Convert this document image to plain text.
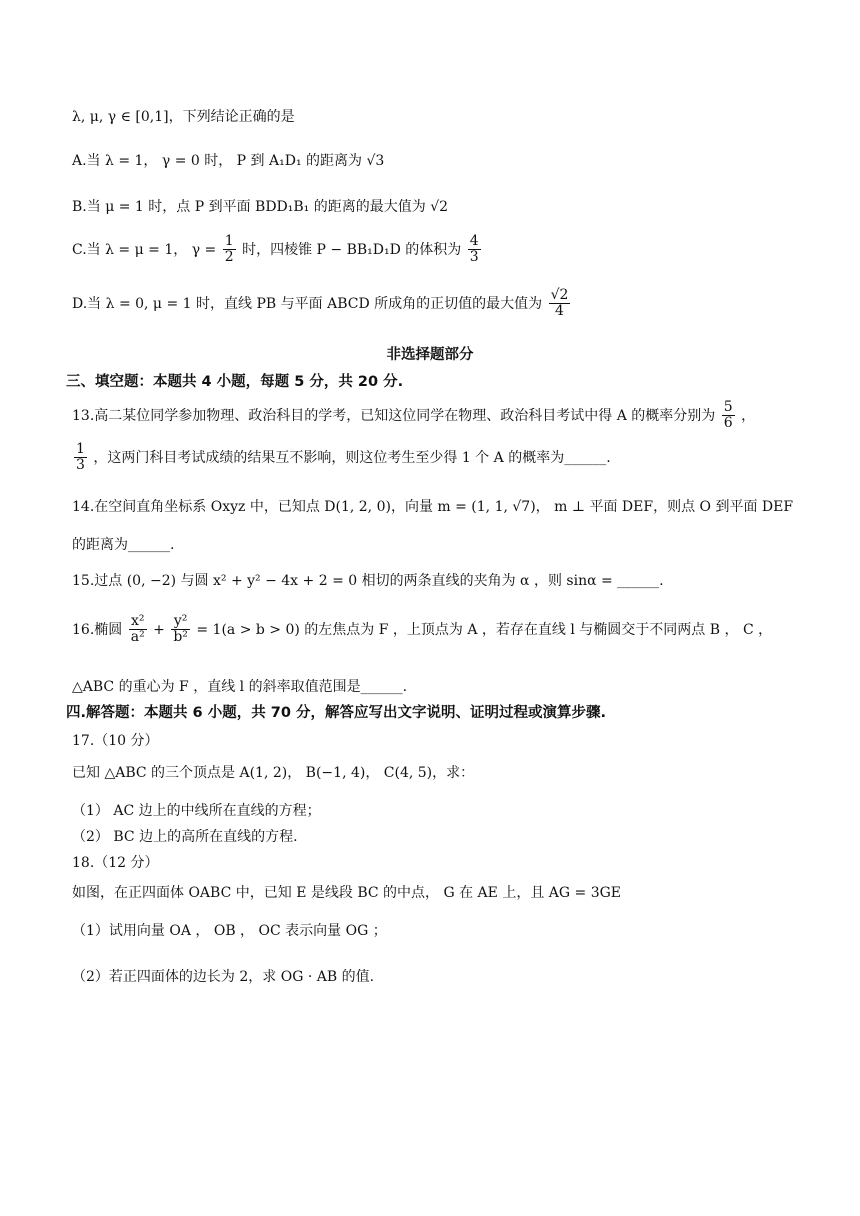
λ, μ, γ ∈ [0,1]，下列结论正确的是
A.当 λ = 1， γ = 0 时， P 到 A₁D₁ 的距离为 √3
B.当 μ = 1 时，点 P 到平面 BDD₁B₁ 的距离的最大值为 √2
C.当 λ = μ = 1， $\gamma = \frac{1}{2}$ 时，四棱锥 P − BB₁D₁D 的体积为 $\frac{4}{3}$
D.当 λ = 0, μ = 1 时，直线 PB 与平面 ABCD 所成角的正切值的最大值为 $\frac{√2}{4}$
非选择题部分
三、填空题：本题共 4 小题，每题 5 分，共 20 分.
13.高二某位同学参加物理、政治科目的学考，已知这位同学在物理、政治科目考试中得 A 的概率分别为 $\frac{5}{6}$ ，
$\frac{1}{3}$ ，这两门科目考试成绩的结果互不影响，则这位考生至少得 1 个 A 的概率为______.
14.在空间直角坐标系 Oxyz 中，已知点 D(1, 2, 0)，向量 m = (1, 1, √7)， m ⊥ 平面 DEF，则点 O 到平面 DEF
的距离为______.
15.过点 (0, −2) 与圆 x² + y² − 4x + 2 = 0 相切的两条直线的夹角为 α ，则 sinα = ______.
16.椭圆 $\frac{\text{x²}}{\text{a²}} + \frac{\text{y²}}{\text{b²}} = 1(a > b > 0)$ 的左焦点为 F ，上顶点为 A ，若存在直线 l 与椭圆交于不同两点 B ， C ，
△ABC 的重心为 F ，直线 l 的斜率取值范围是______.
四.解答题：本题共 6 小题，共 70 分，解答应写出文字说明、证明过程或演算步骤.
17.（10 分）
已知 △ABC 的三个顶点是 A(1, 2)， B(−1, 4)， C(4, 5)，求：
（1） AC 边上的中线所在直线的方程；
（2） BC 边上的高所在直线的方程.
18.（12 分）
如图，在正四面体 OABC 中，已知 E 是线段 BC 的中点， G 在 AE 上，且 AG = 3GE
（1）试用向量 OA ， OB ， OC 表示向量 OG ；
（2）若正四面体的边长为 2，求 OG · AB 的值.
